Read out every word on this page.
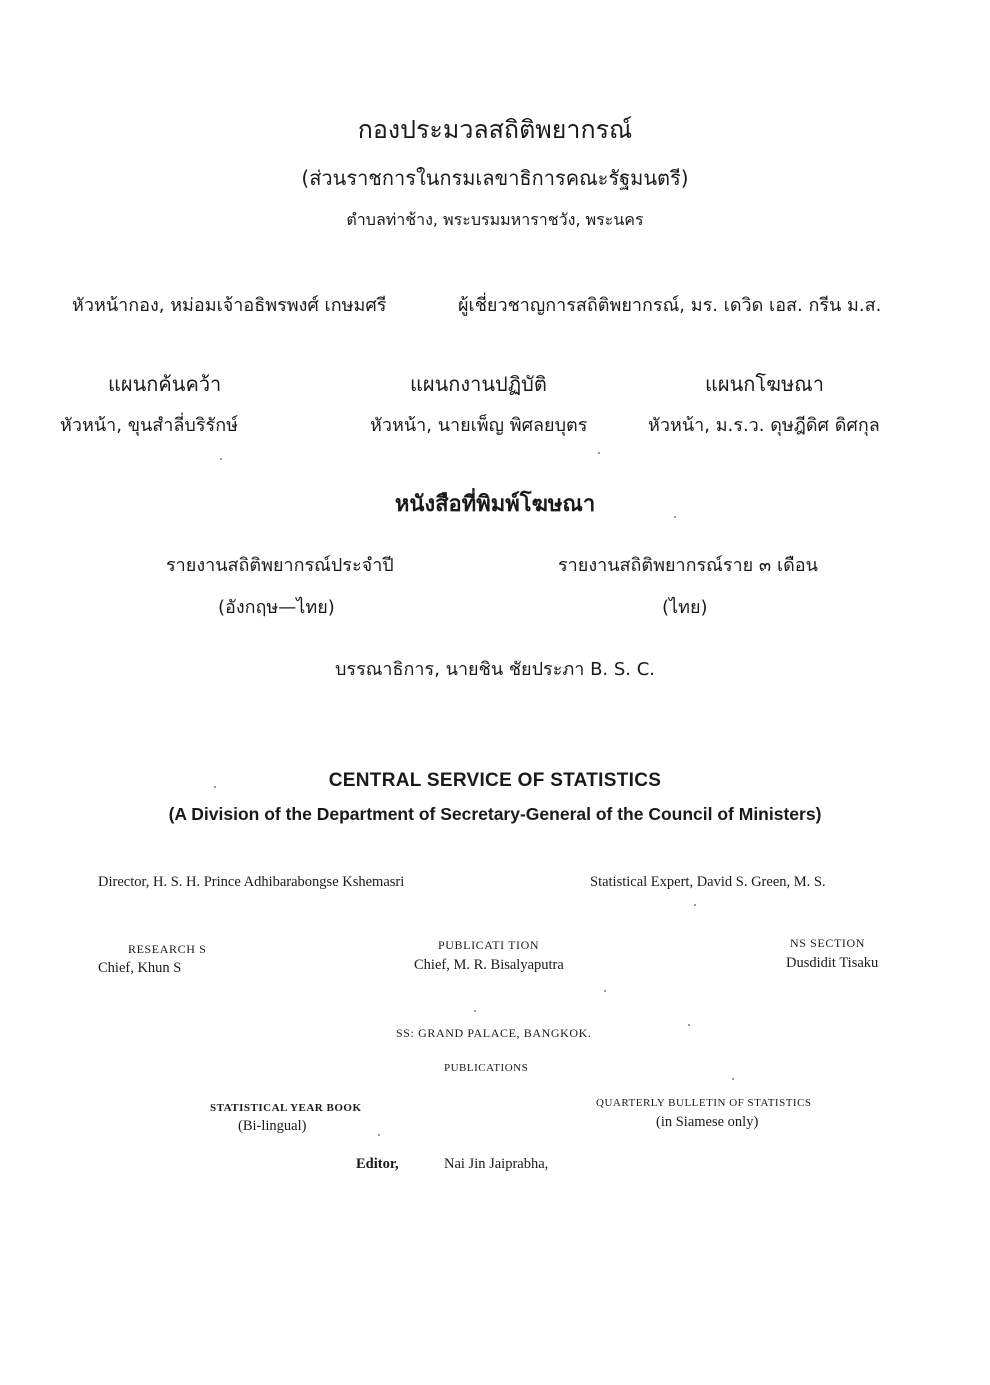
กองประมวลสถิติพยากรณ์
(ส่วนราชการในกรมเลขาธิการคณะรัฐมนตรี)
ตำบลท่าช้าง, พระบรมมหาราชวัง, พระนคร
หัวหน้ากอง, หม่อมเจ้าอธิพรพงศ์ เกษมศรี	ผู้เชี่ยวชาญการสถิติพยากรณ์, มร. เดวิด เอส. กรีน ม.ส.
แผนกค้นคว้า
หัวหน้า, ขุนสำลี่บริรักษ์
แผนกงานปฏิบัติ
หัวหน้า, นายเพ็ญ พิศลยบุตร
แผนกโฆษณา
หัวหน้า, ม.ร.ว. ดุษฎีดิศ ดิศกุล
หนังสือที่พิมพ์โฆษณา
รายงานสถิติพยากรณ์ประจำปี
(อังกฤษ—ไทย)
รายงานสถิติพยากรณ์ราย ๓ เดือน
(ไทย)
บรรณาธิการ, นายชิน ชัยประภา B. S. C.
CENTRAL SERVICE OF STATISTICS
(A Division of the Department of Secretary-General of the Council of Ministers)
Director, H. S. H. Prince Adhibarabongse Kshemasri	Statistical Expert, David S. Green, M. S.
RESEARCH S
Chief, Khun S
PUBLICATI TION
Chief, M. R. Bisalyaputra
NS SECTION
Dusdidit Tisaku
SS: GRAND PALACE, BANGKOK.
PUBLICATIONS
STATISTICAL YEAR BOOK
(Bi-lingual)
QUARTERLY BULLETIN OF STATISTICS
(in Siamese only)
Editor,	Nai Jin Jaiprabha,
